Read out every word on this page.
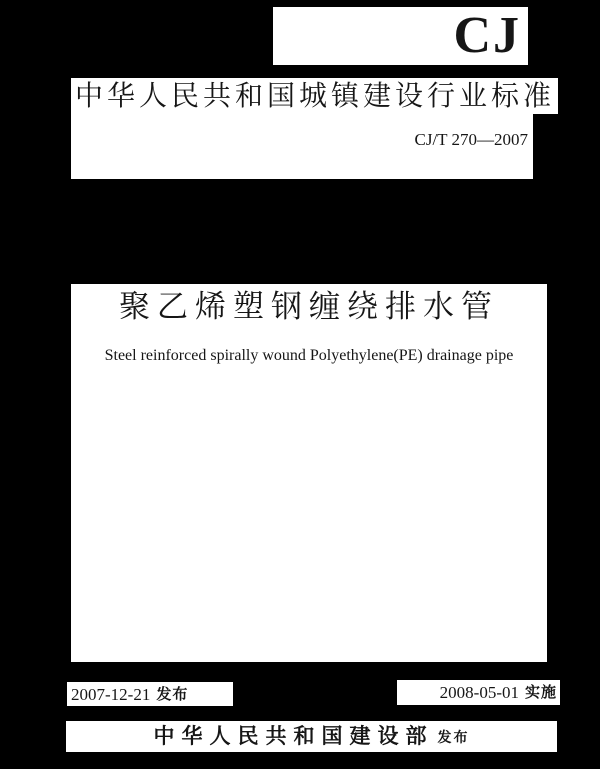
CJ
中华人民共和国城镇建设行业标准
CJ/T 270—2007
聚乙烯塑钢缠绕排水管
Steel reinforced spirally wound Polyethylene(PE) drainage pipe
2007-12-21 发布	2008-05-01 实施
中华人民共和国建设部 发布
